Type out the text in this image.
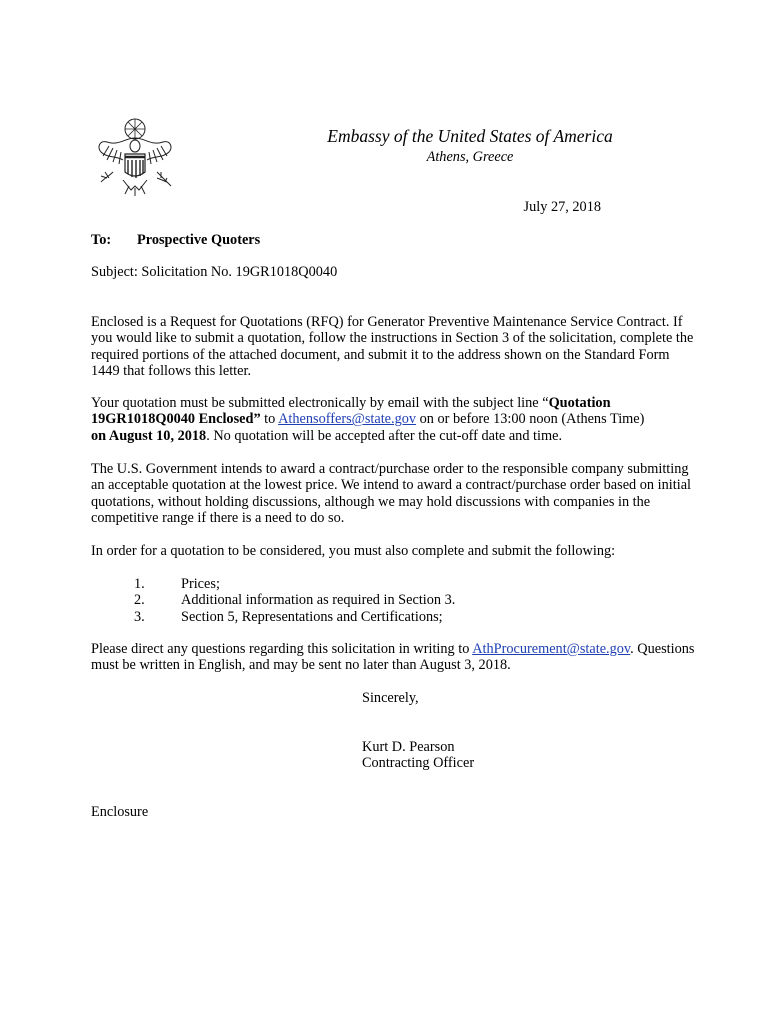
Embassy of the United States of America
Athens, Greece
July 27, 2018
To: Prospective Quoters
Subject: Solicitation No. 19GR1018Q0040
Enclosed is a Request for Quotations (RFQ) for Generator Preventive Maintenance Service Contract. If
you would like to submit a quotation, follow the instructions in Section 3 of the solicitation, complete the
required portions of the attached document, and submit it to the address shown on the Standard Form
1449 that follows this letter.
Your quotation must be submitted electronically by email with the subject line “Quotation
19GR1018Q0040 Enclosed” to Athensoffers@state.gov on or before 13:00 noon (Athens Time)
on August 10, 2018. No quotation will be accepted after the cut-off date and time.
The U.S. Government intends to award a contract/purchase order to the responsible company submitting
an acceptable quotation at the lowest price. We intend to award a contract/purchase order based on initial
quotations, without holding discussions, although we may hold discussions with companies in the
competitive range if there is a need to do so.
In order for a quotation to be considered, you must also complete and submit the following:
1.	Prices;
2.	Additional information as required in Section 3.
3.	Section 5, Representations and Certifications;
Please direct any questions regarding this solicitation in writing to AthProcurement@state.gov. Questions
must be written in English, and may be sent no later than August 3, 2018.
Sincerely,
Kurt D. Pearson
Contracting Officer
Enclosure
